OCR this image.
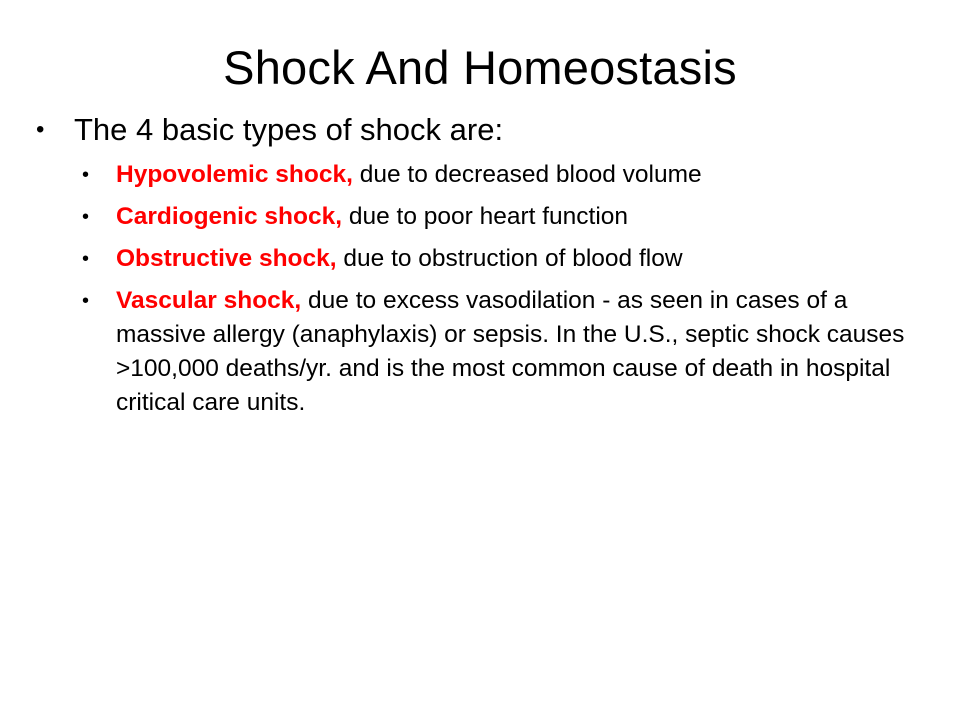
Shock And Homeostasis
• The 4 basic types of shock are:
•	Hypovolemic shock, due to decreased blood volume
•	Cardiogenic shock, due to poor heart function
•	Obstructive shock, due to obstruction of blood flow
•	Vascular shock, due to excess vasodilation - as seen in cases of a massive allergy (anaphylaxis) or sepsis. In the U.S., septic shock causes >100,000 deaths/yr. and is the most common cause of death in hospital critical care units.
